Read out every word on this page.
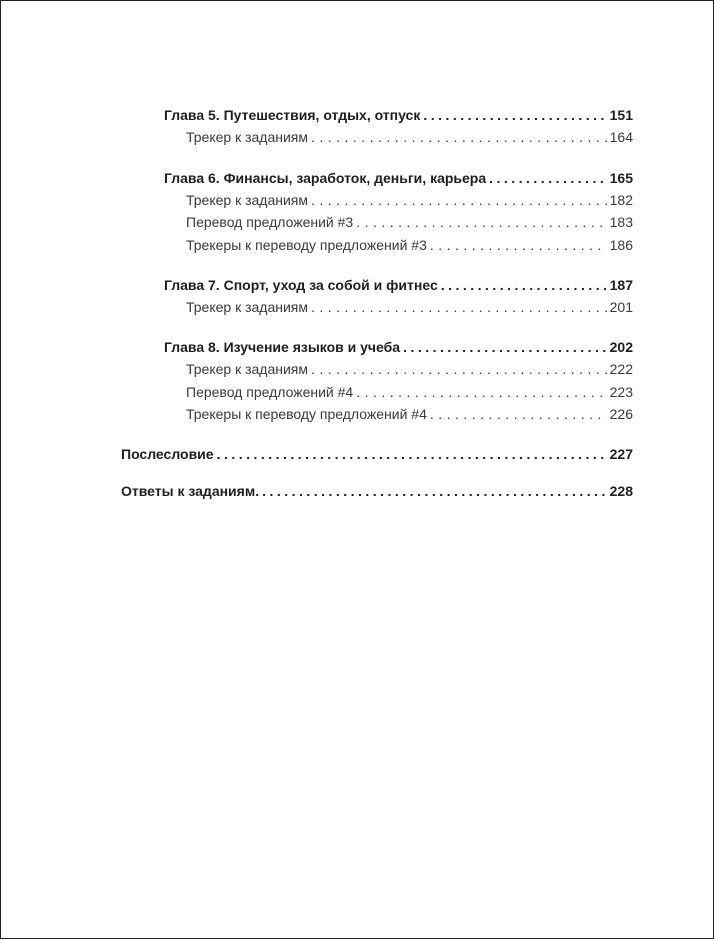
Глава 5. Путешествия, отдых, отпуск . . .	151
Трекер к заданиям . . .	164
Глава 6. Финансы, заработок, деньги, карьера . . .	165
Трекер к заданиям . . .	182
Перевод предложений #3 . . .	183
Трекеры к переводу предложений #3 . . .	186
Глава 7. Спорт, уход за собой и фитнес . . .	187
Трекер к заданиям . . .	201
Глава 8. Изучение языков и учеба . . .	202
Трекер к заданиям . . .	222
Перевод предложений #4 . . .	223
Трекеры к переводу предложений #4 . . .	226
Послесловие . . .	227
Ответы к заданиям. . . .	228
